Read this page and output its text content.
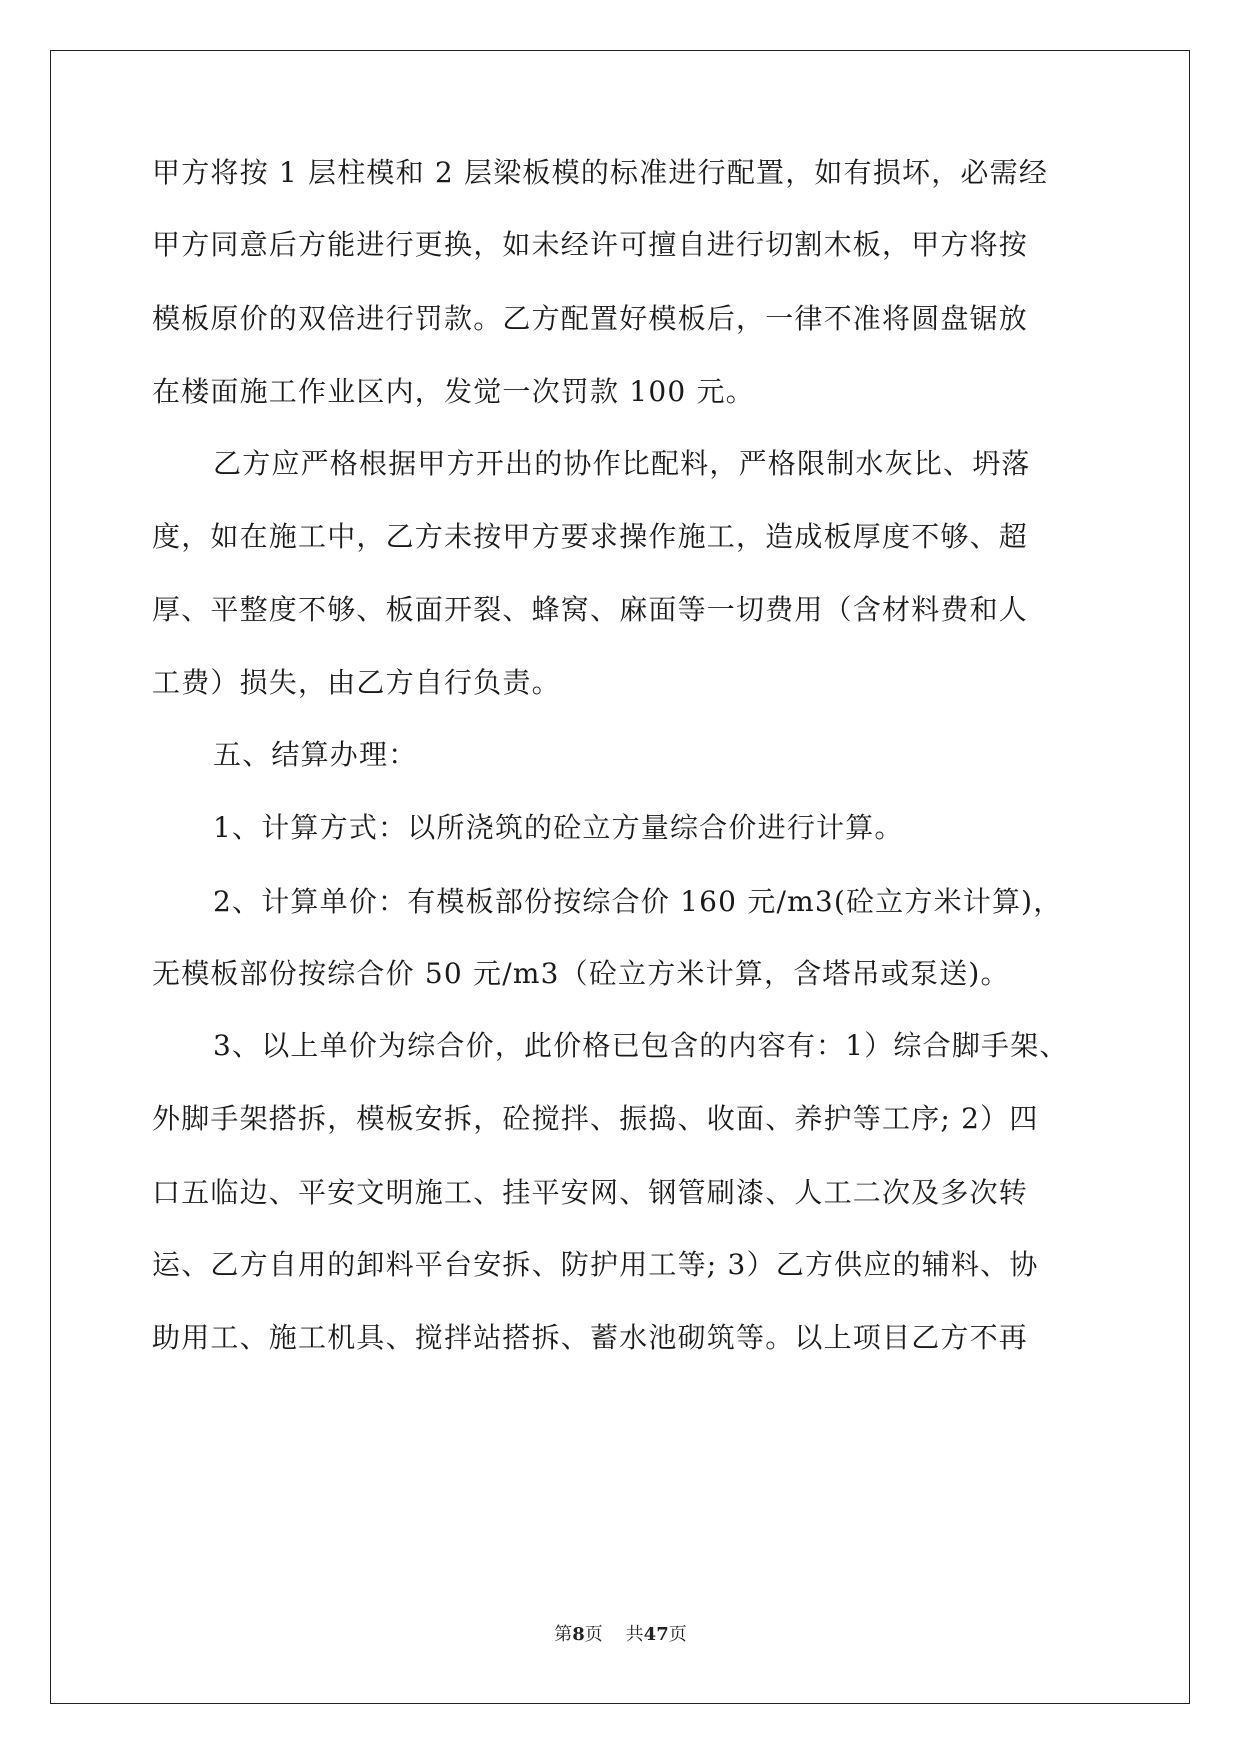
甲方将按 1 层柱模和 2 层梁板模的标准进行配置，如有损坏，必需经
甲方同意后方能进行更换，如未经许可擅自进行切割木板，甲方将按
模板原价的双倍进行罚款。乙方配置好模板后，一律不准将圆盘锯放
在楼面施工作业区内，发觉一次罚款 100 元。
乙方应严格根据甲方开出的协作比配料，严格限制水灰比、坍落
度，如在施工中，乙方未按甲方要求操作施工，造成板厚度不够、超
厚、平整度不够、板面开裂、蜂窝、麻面等一切费用（含材料费和人
工费）损失，由乙方自行负责。
五、结算办理：
1、计算方式：以所浇筑的砼立方量综合价进行计算。
2、计算单价：有模板部份按综合价 160 元/m3(砼立方米计算)，
无模板部份按综合价 50 元/m3（砼立方米计算，含塔吊或泵送)。
3、以上单价为综合价，此价格已包含的内容有：1）综合脚手架、
外脚手架搭拆，模板安拆，砼搅拌、振捣、收面、养护等工序; 2）四
口五临边、平安文明施工、挂平安网、钢管刷漆、人工二次及多次转
运、乙方自用的卸料平台安拆、防护用工等; 3）乙方供应的辅料、协
助用工、施工机具、搅拌站搭拆、蓄水池砌筑等。以上项目乙方不再
第8页 共47页
